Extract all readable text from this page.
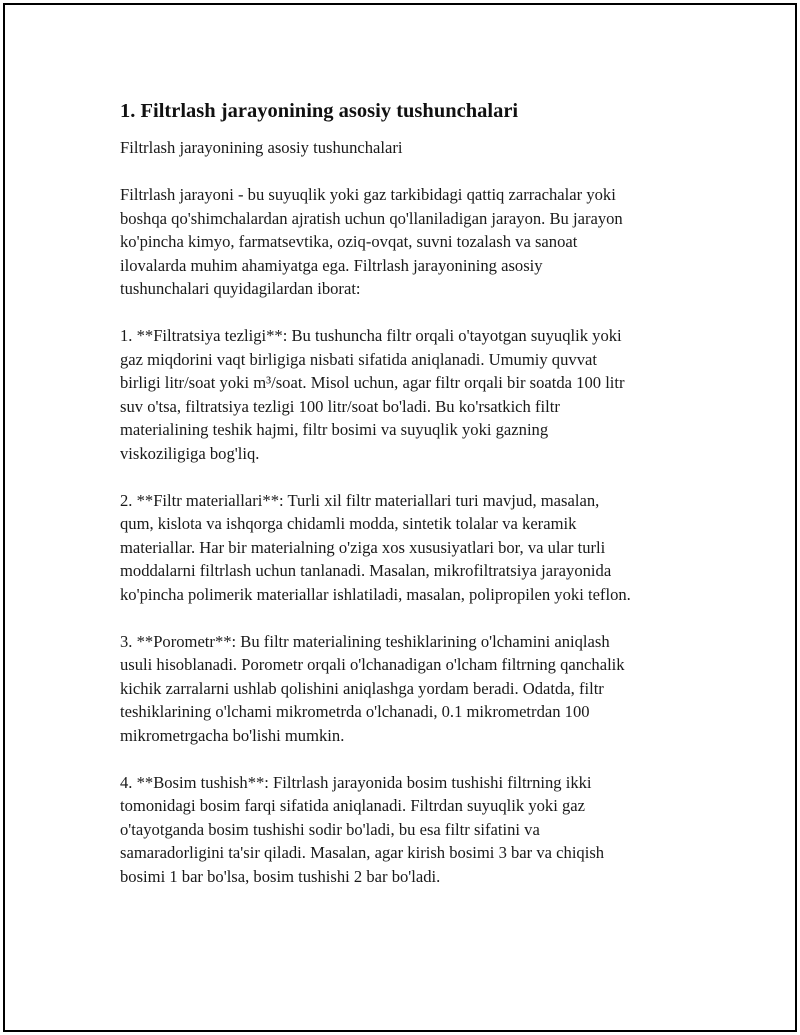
1. Filtrlash jarayonining asosiy tushunchalari

Filtrlash jarayonining asosiy tushunchalari

Filtrlash jarayoni - bu suyuqlik yoki gaz tarkibidagi qattiq zarrachalar yoki
boshqa qo'shimchalardan ajratish uchun qo'llaniladigan jarayon. Bu jarayon
ko'pincha kimyo, farmatsevtika, oziq-ovqat, suvni tozalash va sanoat
ilovalarda muhim ahamiyatga ega. Filtrlash jarayonining asosiy
tushunchalari quyidagilardan iborat:

1. **Filtratsiya tezligi**: Bu tushuncha filtr orqali o'tayotgan suyuqlik yoki
gaz miqdorini vaqt birligiga nisbati sifatida aniqlanadi. Umumiy quvvat
birligi litr/soat yoki m³/soat. Misol uchun, agar filtr orqali bir soatda 100 litr
suv o'tsa, filtratsiya tezligi 100 litr/soat bo'ladi. Bu ko'rsatkich filtr
materialining teshik hajmi, filtr bosimi va suyuqlik yoki gazning
viskoziligiga bog'liq.

2. **Filtr materiallari**: Turli xil filtr materiallari turi mavjud, masalan,
qum, kislota va ishqorga chidamli modda, sintetik tolalar va keramik
materiallar. Har bir materialning o'ziga xos xususiyatlari bor, va ular turli
moddalarni filtrlash uchun tanlanadi. Masalan, mikrofiltratsiya jarayonida
ko'pincha polimerik materiallar ishlatiladi, masalan, polipropilen yoki teflon.

3. **Porometr**: Bu filtr materialining teshiklarining o'lchamini aniqlash
usuli hisoblanadi. Porometr orqali o'lchanadigan o'lcham filtrning qanchalik
kichik zarralarni ushlab qolishini aniqlashga yordam beradi. Odatda, filtr
teshiklarining o'lchami mikrometrda o'lchanadi, 0.1 mikrometrdan 100
mikrometrgacha bo'lishi mumkin.

4. **Bosim tushish**: Filtrlash jarayonida bosim tushishi filtrning ikki
tomonidagi bosim farqi sifatida aniqlanadi. Filtrdan suyuqlik yoki gaz
o'tayotganda bosim tushishi sodir bo'ladi, bu esa filtr sifatini va
samaradorligini ta'sir qiladi. Masalan, agar kirish bosimi 3 bar va chiqish
bosimi 1 bar bo'lsa, bosim tushishi 2 bar bo'ladi.
